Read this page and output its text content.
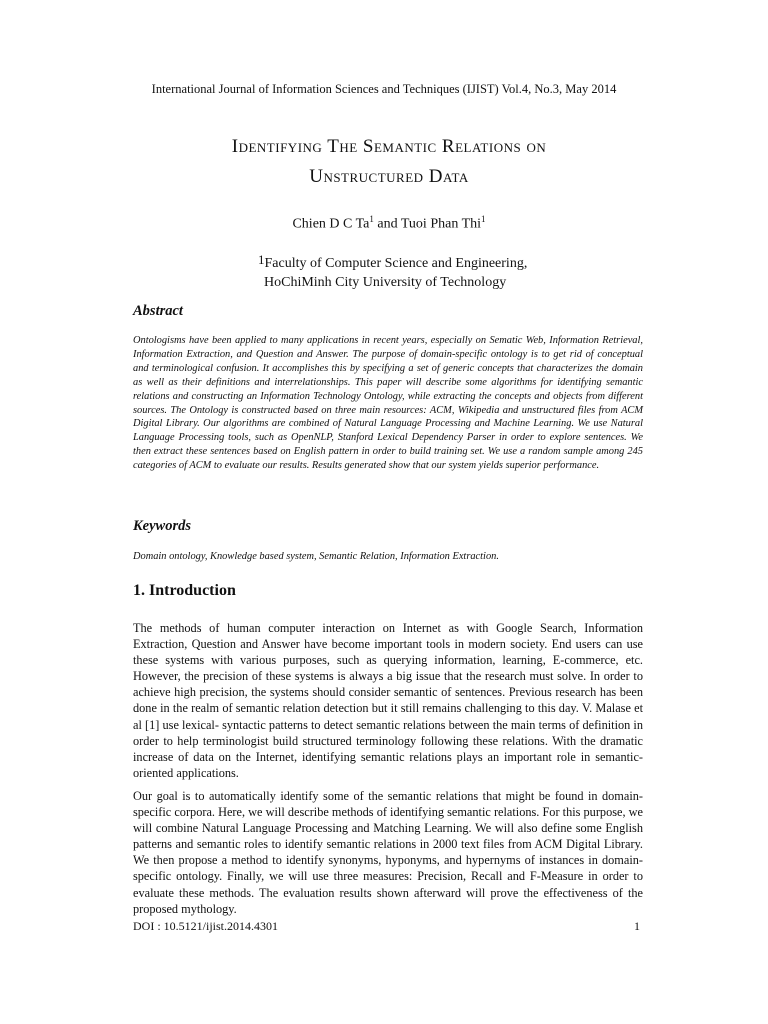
International Journal of Information Sciences and Techniques (IJIST) Vol.4, No.3, May 2014
Identifying The Semantic Relations on
Unstructured Data
Chien D C Ta$^1$ and Tuoi Phan Thi$^1$
$^1$Faculty of Computer Science and Engineering,
HoChiMinh City University of Technology
Abstract
Ontologisms have been applied to many applications in recent years, especially on Sematic Web, Information Retrieval, Information Extraction, and Question and Answer. The purpose of domain-specific ontology is to get rid of conceptual and terminological confusion. It accomplishes this by specifying a set of generic concepts that characterizes the domain as well as their definitions and interrelationships. This paper will describe some algorithms for identifying semantic relations and constructing an Information Technology Ontology, while extracting the concepts and objects from different sources. The Ontology is constructed based on three main resources: ACM, Wikipedia and unstructured files from ACM Digital Library. Our algorithms are combined of Natural Language Processing and Machine Learning. We use Natural Language Processing tools, such as OpenNLP, Stanford Lexical Dependency Parser in order to explore sentences. We then extract these sentences based on English pattern in order to build training set. We use a random sample among 245 categories of ACM to evaluate our results. Results generated show that our system yields superior performance.
Keywords
Domain ontology, Knowledge based system, Semantic Relation, Information Extraction.
1. Introduction
The methods of human computer interaction on Internet as with Google Search, Information Extraction, Question and Answer have become important tools in modern society. End users can use these systems with various purposes, such as querying information, learning, E-commerce, etc. However, the precision of these systems is always a big issue that the research must solve. In order to achieve high precision, the systems should consider semantic of sentences. Previous research has been done in the realm of semantic relation detection but it still remains challenging to this day. V. Malase et al [1] use lexical- syntactic patterns to detect semantic relations between the main terms of definition in order to help terminologist build structured terminology following these relations. With the dramatic increase of data on the Internet, identifying semantic relations plays an important role in semantic-oriented applications.
Our goal is to automatically identify some of the semantic relations that might be found in domain-specific corpora. Here, we will describe methods of identifying semantic relations. For this purpose, we will combine Natural Language Processing and Matching Learning. We will also define some English patterns and semantic roles to identify semantic relations in 2000 text files from ACM Digital Library. We then propose a method to identify synonyms, hyponyms, and hypernyms of instances in domain-specific ontology. Finally, we will use three measures: Precision, Recall and F-Measure in order to evaluate these methods. The evaluation results shown afterward will prove the effectiveness of the proposed mythology.
DOI : 10.5121/ijist.2014.4301	1
